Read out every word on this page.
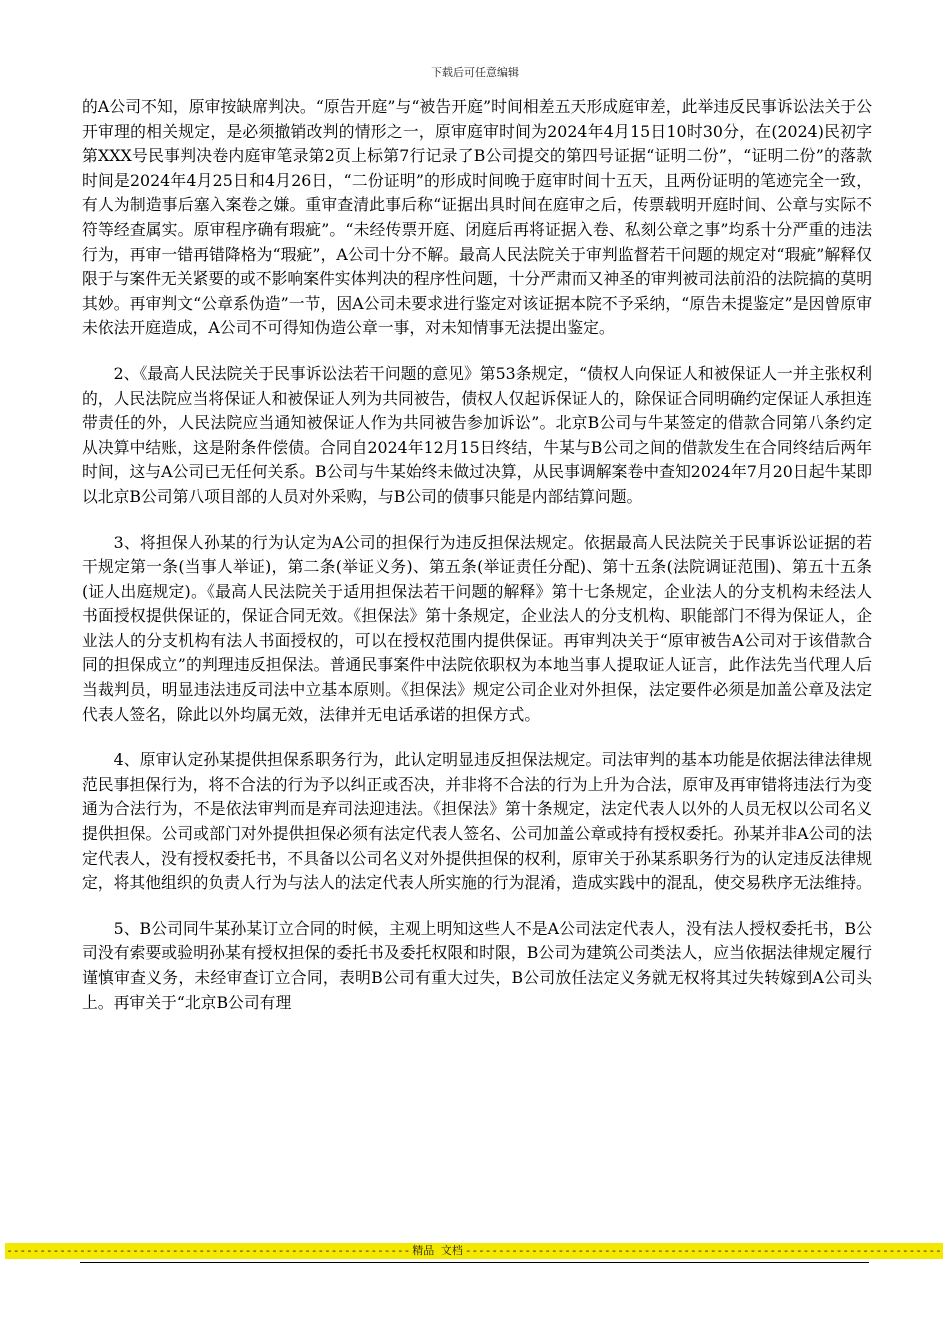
下载后可任意编辑

的A公司不知，原审按缺席判决。“原告开庭”与“被告开庭”时间相差五天形成庭审差，此举违反民事诉讼法关于公开审理的相关规定，是必须撤销改判的情形之一，原审庭审时间为2024年4月15日10时30分，在(2024)民初字第XXX号民事判决卷内庭审笔录第2页上标第7行记录了B公司提交的第四号证据“证明二份”，“证明二份”的落款时间是2024年4月25日和4月26日，“二份证明”的形成时间晚于庭审时间十五天，且两份证明的笔迹完全一致，有人为制造事后塞入案卷之嫌。重审查清此事后称“证据出具时间在庭审之后，传票载明开庭时间、公章与实际不符等经查属实。原审程序确有瑕疵”。“未经传票开庭、闭庭后再将证据入卷、私刻公章之事”均系十分严重的违法行为，再审一错再错降格为“瑕疵”，A公司十分不解。最高人民法院关于审判监督若干问题的规定对“瑕疵”解释仅限于与案件无关紧要的或不影响案件实体判决的程序性问题，十分严肃而又神圣的审判被司法前沿的法院搞的莫明其妙。再审判文“公章系伪造”一节，因A公司未要求进行鉴定对该证据本院不予采纳，“原告未提鉴定”是因曾原审未依法开庭造成，A公司不可得知伪造公章一事，对未知情事无法提出鉴定。

2、《最高人民法院关于民事诉讼法若干问题的意见》第53条规定，“债权人向保证人和被保证人一并主张权利的，人民法院应当将保证人和被保证人列为共同被告，债权人仅起诉保证人的，除保证合同明确约定保证人承担连带责任的外，人民法院应当通知被保证人作为共同被告参加诉讼”。北京B公司与牛某签定的借款合同第八条约定从决算中结账，这是附条件偿债。合同自2024年12月15日终结，牛某与B公司之间的借款发生在合同终结后两年时间，这与A公司已无任何关系。B公司与牛某始终未做过决算，从民事调解案卷中查知2024年7月20日起牛某即以北京B公司第八项目部的人员对外采购，与B公司的债事只能是内部结算问题。

3、将担保人孙某的行为认定为A公司的担保行为违反担保法规定。依据最高人民法院关于民事诉讼证据的若干规定第一条(当事人举证)，第二条(举证义务)、第五条(举证责任分配)、第十五条(法院调证范围)、第五十五条(证人出庭规定)。《最高人民法院关于适用担保法若干问题的解释》第十七条规定，企业法人的分支机构未经法人书面授权提供保证的，保证合同无效。《担保法》第十条规定，企业法人的分支机构、职能部门不得为保证人，企业法人的分支机构有法人书面授权的，可以在授权范围内提供保证。再审判决关于“原审被告A公司对于该借款合同的担保成立”的判理违反担保法。普通民事案件中法院依职权为本地当事人提取证人证言，此作法先当代理人后当裁判员，明显违法违反司法中立基本原则。《担保法》规定公司企业对外担保，法定要件必须是加盖公章及法定代表人签名，除此以外均属无效，法律并无电话承诺的担保方式。

4、原审认定孙某提供担保系职务行为，此认定明显违反担保法规定。司法审判的基本功能是依据法律法律规范民事担保行为，将不合法的行为予以纠正或否决，并非将不合法的行为上升为合法，原审及再审错将违法行为变通为合法行为，不是依法审判而是弃司法迎违法。《担保法》第十条规定，法定代表人以外的人员无权以公司名义提供担保。公司或部门对外提供担保必须有法定代表人签名、公司加盖公章或持有授权委托。孙某并非A公司的法定代表人，没有授权委托书，不具备以公司名义对外提供担保的权利，原审关于孙某系职务行为的认定违反法律规定，将其他组织的负责人行为与法人的法定代表人所实施的行为混淆，造成实践中的混乱，使交易秩序无法维持。

5、B公司同牛某孙某订立合同的时候，主观上明知这些人不是A公司法定代表人，没有法人授权委托书，B公司没有索要或验明孙某有授权担保的委托书及委托权限和时限，B公司为建筑公司类法人，应当依据法律规定履行谨慎审查义务，未经审查订立合同，表明B公司有重大过失，B公司放任法定义务就无权将其过失转嫁到A公司头上。再审关于“北京B公司有理

------------------------------------------------------------- 精品 文档 ------------------------------------------------------------------------
